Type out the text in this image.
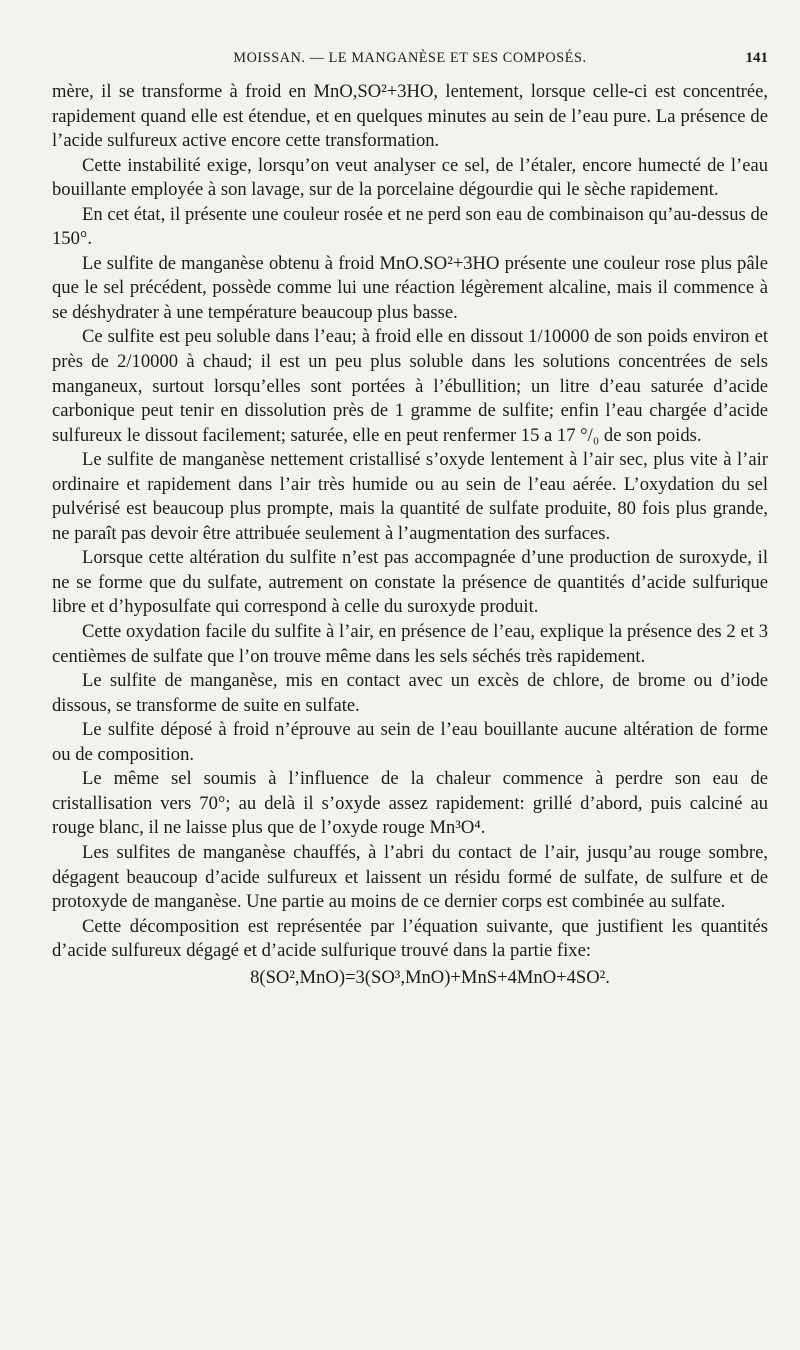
MOISSAN. — LE MANGANÈSE ET SES COMPOSÉS.	141

mère, il se transforme à froid en MnO,SO²+3HO, lentement, lorsque celle-ci est concentrée, rapidement quand elle est étendue, et en quelques minutes au sein de l’eau pure. La présence de l’acide sulfureux active encore cette transformation.

Cette instabilité exige, lorsqu’on veut analyser ce sel, de l’étaler, encore humecté de l’eau bouillante employée à son lavage, sur de la porcelaine dégourdie qui le sèche rapidement.

En cet état, il présente une couleur rosée et ne perd son eau de combinaison qu’au-dessus de 150°.

Le sulfite de manganèse obtenu à froid MnO.SO²+3HO présente une couleur rose plus pâle que le sel précédent, possède comme lui une réaction légèrement alcaline, mais il commence à se déshydrater à une température beaucoup plus basse.

Ce sulfite est peu soluble dans l’eau; à froid elle en dissout 1/10000 de son poids environ et près de 2/10000 à chaud; il est un peu plus soluble dans les solutions concentrées de sels manganeux, surtout lorsqu’elles sont portées à l’ébullition; un litre d’eau saturée d’acide carbonique peut tenir en dissolution près de 1 gramme de sulfite; enfin l’eau chargée d’acide sulfureux le dissout facilement; saturée, elle en peut renfermer 15 a 17 °/₀ de son poids.

Le sulfite de manganèse nettement cristallisé s’oxyde lentement à l’air sec, plus vite à l’air ordinaire et rapidement dans l’air très humide ou au sein de l’eau aérée. L’oxydation du sel pulvérisé est beaucoup plus prompte, mais la quantité de sulfate produite, 80 fois plus grande, ne paraît pas devoir être attribuée seulement à l’augmentation des surfaces.

Lorsque cette altération du sulfite n’est pas accompagnée d’une production de suroxyde, il ne se forme que du sulfate, autrement on constate la présence de quantités d’acide sulfurique libre et d’hyposulfate qui correspond à celle du suroxyde produit.

Cette oxydation facile du sulfite à l’air, en présence de l’eau, explique la présence des 2 et 3 centièmes de sulfate que l’on trouve même dans les sels séchés très rapidement.

Le sulfite de manganèse, mis en contact avec un excès de chlore, de brome ou d’iode dissous, se transforme de suite en sulfate.

Le sulfite déposé à froid n’éprouve au sein de l’eau bouillante aucune altération de forme ou de composition.

Le même sel soumis à l’influence de la chaleur commence à perdre son eau de cristallisation vers 70°; au delà il s’oxyde assez rapidement: grillé d’abord, puis calciné au rouge blanc, il ne laisse plus que de l’oxyde rouge Mn³O⁴.

Les sulfites de manganèse chauffés, à l’abri du contact de l’air, jusqu’au rouge sombre, dégagent beaucoup d’acide sulfureux et laissent un résidu formé de sulfate, de sulfure et de protoxyde de manganèse. Une partie au moins de ce dernier corps est combinée au sulfate.

Cette décomposition est représentée par l’équation suivante, que justifient les quantités d’acide sulfureux dégagé et d’acide sulfurique trouvé dans la partie fixe:

8(SO²,MnO)=3(SO³,MnO)+MnS+4MnO+4SO².
